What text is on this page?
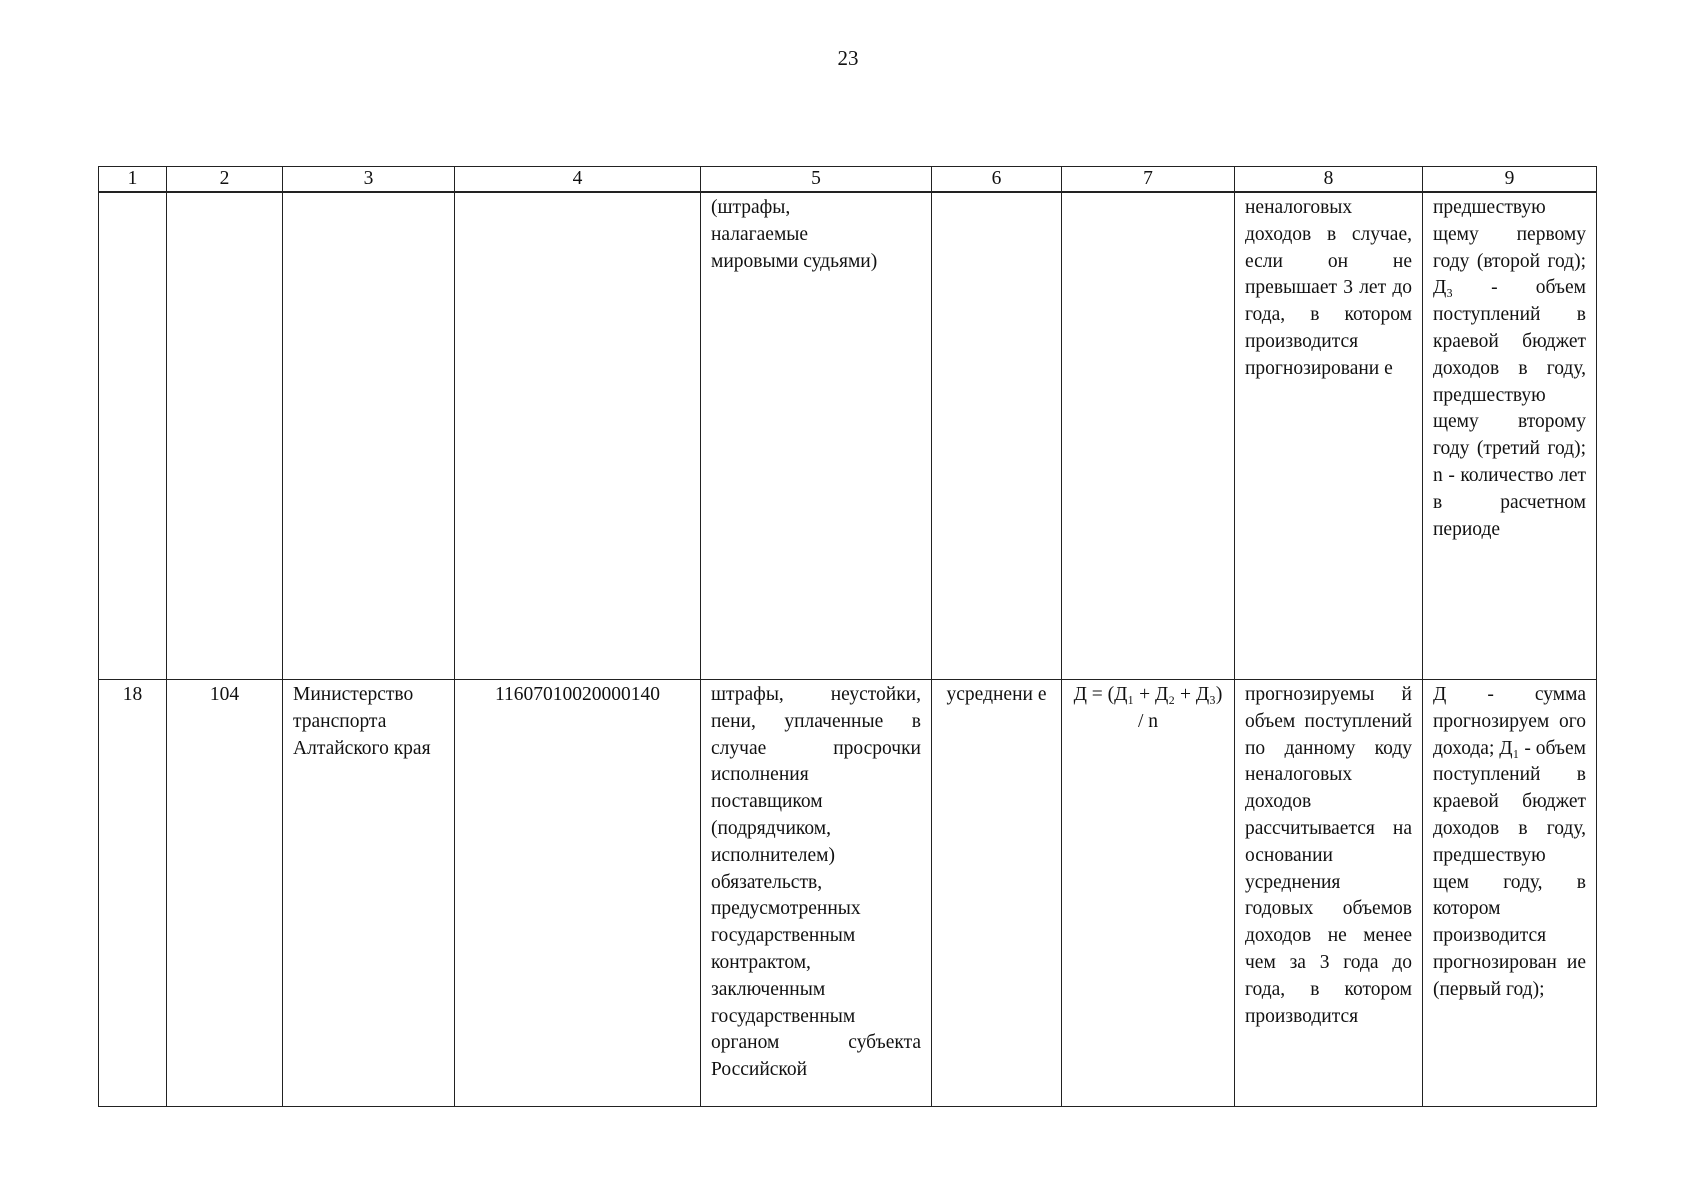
23
1	2	3	4	5	6	7	8	9
				(штрафы,
налагаемые
мировыми судьями)			неналоговых доходов в случае, если он не превышает 3 лет до года, в котором производится прогнозировани е	предшествую щему первому году (второй год); Д₃ - объем поступлений в краевой бюджет доходов в году, предшествую щему второму году (третий год); n - количество лет в расчетном периоде
18	104	Министерство транспорта Алтайского края	11607010020000140	штрафы, неустойки, пени, уплаченные в случае просрочки исполнения поставщиком (подрядчиком, исполнителем) обязательств, предусмотренных государственным контрактом, заключенным государственным органом субъекта Российской	усреднени е	Д = (Д₁ + Д₂ + Д₃) / n	прогнозируемы й объем поступлений по данному коду неналоговых доходов рассчитывается на основании усреднения годовых объемов доходов не менее чем за 3 года до года, в котором производится	Д - сумма прогнозируем ого дохода; Д₁ - объем поступлений в краевой бюджет доходов в году, предшествую щем году, в котором производится прогнозирован ие (первый год);
